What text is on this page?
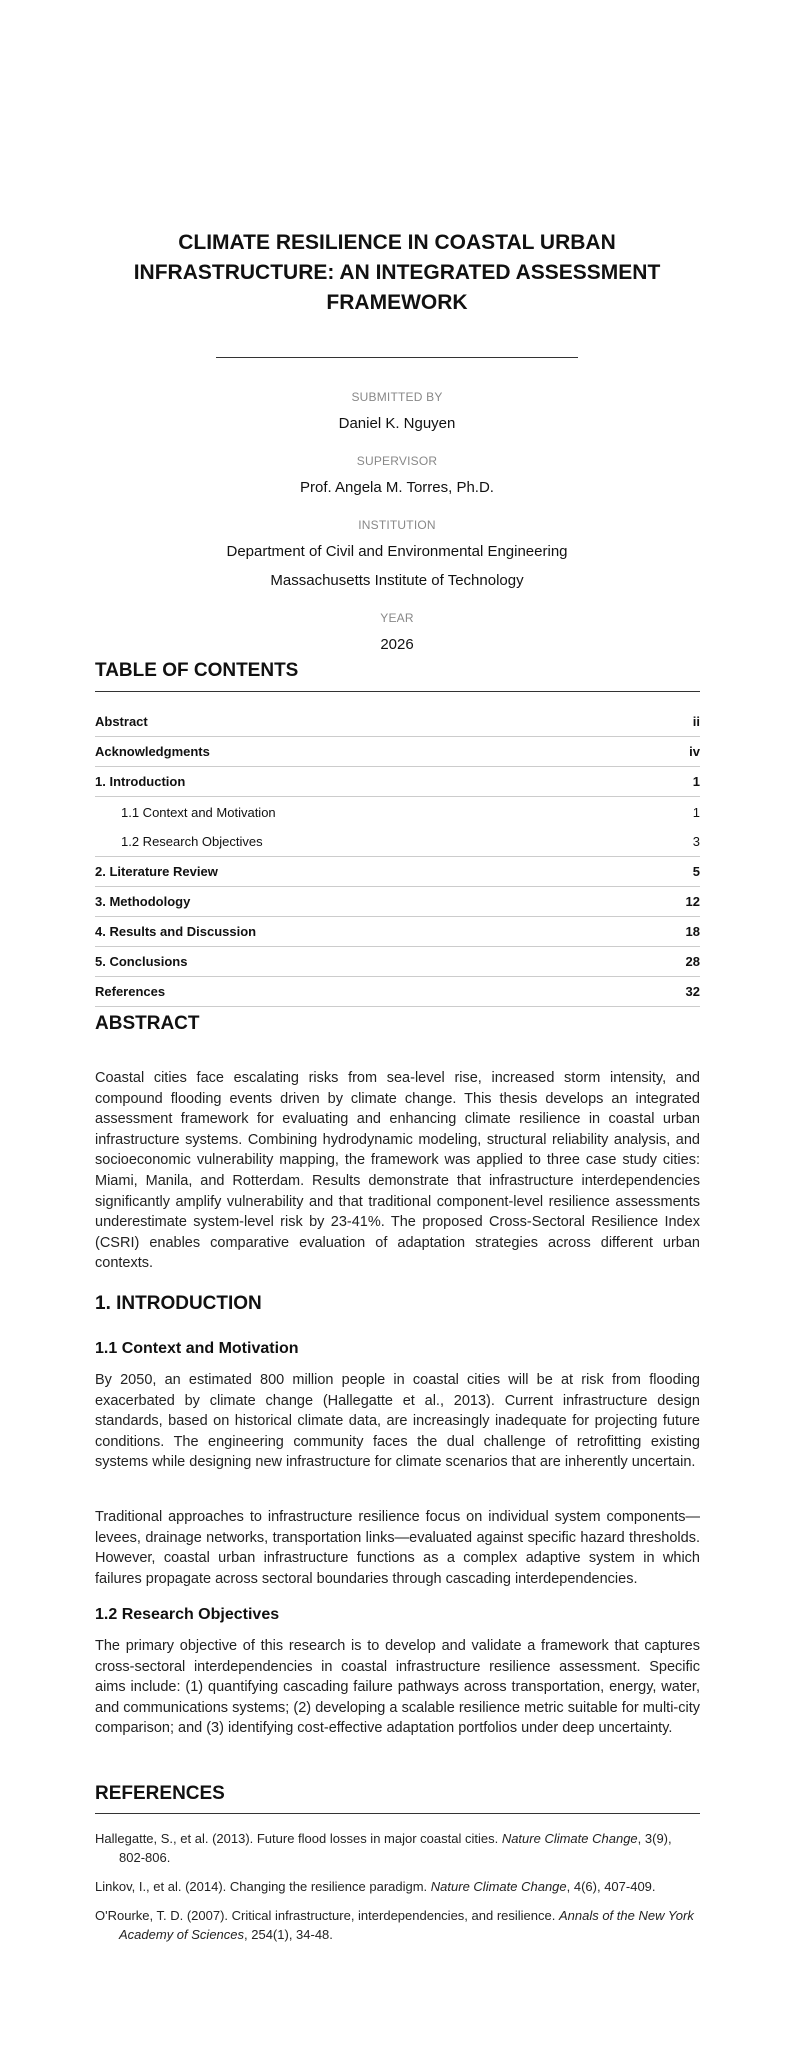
CLIMATE RESILIENCE IN COASTAL URBAN INFRASTRUCTURE: AN INTEGRATED ASSESSMENT FRAMEWORK
SUBMITTED BY
Daniel K. Nguyen
SUPERVISOR
Prof. Angela M. Torres, Ph.D.
INSTITUTION
Department of Civil and Environmental Engineering
Massachusetts Institute of Technology
YEAR
2026
TABLE OF CONTENTS
Abstract	ii
Acknowledgments	iv
1. Introduction	1
1.1 Context and Motivation	1
1.2 Research Objectives	3
2. Literature Review	5
3. Methodology	12
4. Results and Discussion	18
5. Conclusions	28
References	32
ABSTRACT
Coastal cities face escalating risks from sea-level rise, increased storm intensity, and compound flooding events driven by climate change. This thesis develops an integrated assessment framework for evaluating and enhancing climate resilience in coastal urban infrastructure systems. Combining hydrodynamic modeling, structural reliability analysis, and socioeconomic vulnerability mapping, the framework was applied to three case study cities: Miami, Manila, and Rotterdam. Results demonstrate that infrastructure interdependencies significantly amplify vulnerability and that traditional component-level resilience assessments underestimate system-level risk by 23-41%. The proposed Cross-Sectoral Resilience Index (CSRI) enables comparative evaluation of adaptation strategies across different urban contexts.
1. INTRODUCTION
1.1 Context and Motivation
By 2050, an estimated 800 million people in coastal cities will be at risk from flooding exacerbated by climate change (Hallegatte et al., 2013). Current infrastructure design standards, based on historical climate data, are increasingly inadequate for projecting future conditions. The engineering community faces the dual challenge of retrofitting existing systems while designing new infrastructure for climate scenarios that are inherently uncertain.
Traditional approaches to infrastructure resilience focus on individual system components—levees, drainage networks, transportation links—evaluated against specific hazard thresholds. However, coastal urban infrastructure functions as a complex adaptive system in which failures propagate across sectoral boundaries through cascading interdependencies.
1.2 Research Objectives
The primary objective of this research is to develop and validate a framework that captures cross-sectoral interdependencies in coastal infrastructure resilience assessment. Specific aims include: (1) quantifying cascading failure pathways across transportation, energy, water, and communications systems; (2) developing a scalable resilience metric suitable for multi-city comparison; and (3) identifying cost-effective adaptation portfolios under deep uncertainty.
REFERENCES
Hallegatte, S., et al. (2013). Future flood losses in major coastal cities. Nature Climate Change, 3(9), 802-806.
Linkov, I., et al. (2014). Changing the resilience paradigm. Nature Climate Change, 4(6), 407-409.
O'Rourke, T. D. (2007). Critical infrastructure, interdependencies, and resilience. Annals of the New York Academy of Sciences, 254(1), 34-48.
